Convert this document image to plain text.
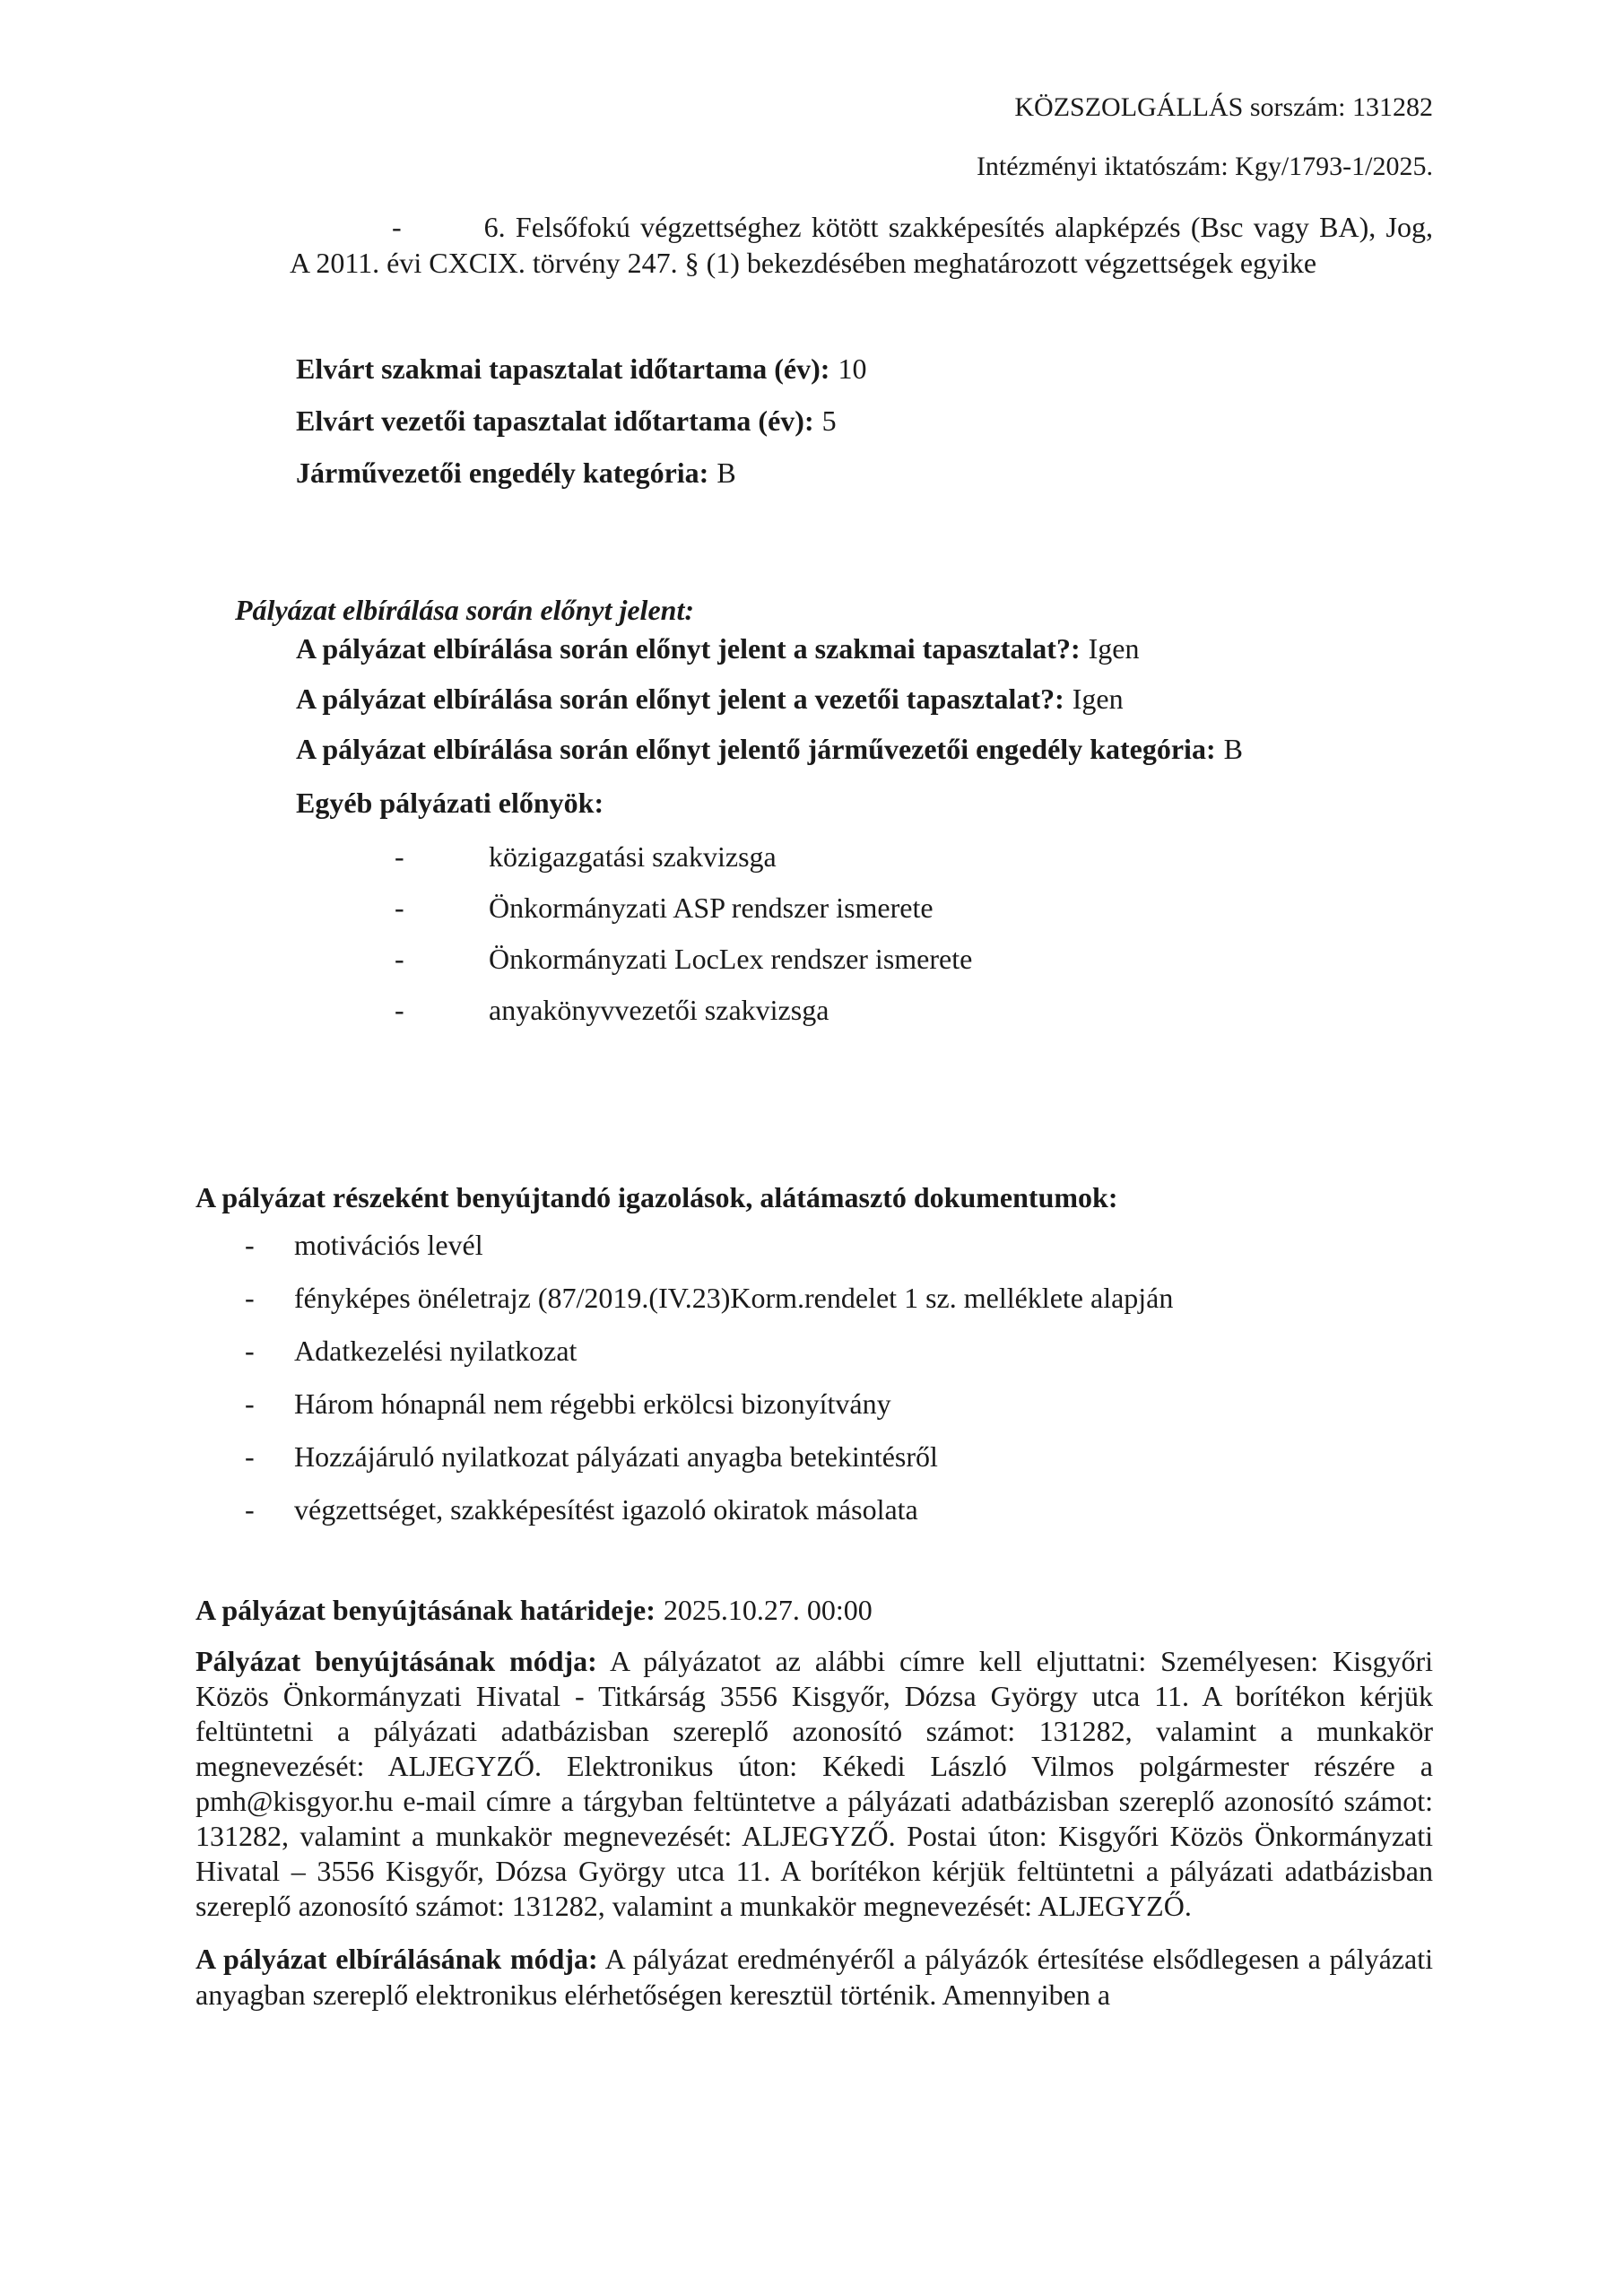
KÖZSZOLGÁLLÁS sorszám: 131282
Intézményi iktatószám: Kgy/1793-1/2025.

-	6. Felsőfokú végzettséghez kötött szakképesítés alapképzés (Bsc vagy BA), Jog, A 2011. évi CXCIX. törvény 247. § (1) bekezdésében meghatározott végzettségek egyike

Elvárt szakmai tapasztalat időtartama (év): 10
Elvárt vezetői tapasztalat időtartama (év): 5
Járművezetői engedély kategória: B
Pályázat elbírálása során előnyt jelent:
A pályázat elbírálása során előnyt jelent a szakmai tapasztalat?: Igen
A pályázat elbírálása során előnyt jelent a vezetői tapasztalat?: Igen
A pályázat elbírálása során előnyt jelentő járművezetői engedély kategória: B
Egyéb pályázati előnyök:
-	közigazgatási szakvizsga
-	Önkormányzati ASP rendszer ismerete
-	Önkormányzati LocLex rendszer ismerete
-	anyakönyvvezetői szakvizsga
A pályázat részeként benyújtandó igazolások, alátámasztó dokumentumok:
- motivációs levél
- fényképes önéletrajz (87/2019.(IV.23)Korm.rendelet 1 sz. melléklete alapján
- Adatkezelési nyilatkozat
- Három hónapnál nem régebbi erkölcsi bizonyítvány
- Hozzájáruló nyilatkozat pályázati anyagba betekintésről
- végzettséget, szakképesítést igazoló okiratok másolata
A pályázat benyújtásának határideje: 2025.10.27. 00:00

Pályázat benyújtásának módja: A pályázatot az alábbi címre kell eljuttatni: Személyesen: Kisgyőri Közös Önkormányzati Hivatal - Titkárság 3556 Kisgyőr, Dózsa György utca 11. A borítékon kérjük feltüntetni a pályázati adatbázisban szereplő azonosító számot: 131282, valamint a munkakör megnevezését: ALJEGYZŐ. Elektronikus úton: Kékedi László Vilmos polgármester részére a pmh@kisgyor.hu e-mail címre a tárgyban feltüntetve a pályázati adatbázisban szereplő azonosító számot: 131282, valamint a munkakör megnevezését: ALJEGYZŐ. Postai úton: Kisgyőri Közös Önkormányzati Hivatal – 3556 Kisgyőr, Dózsa György utca 11. A borítékon kérjük feltüntetni a pályázati adatbázisban szereplő azonosító számot: 131282, valamint a munkakör megnevezését: ALJEGYZŐ.

A pályázat elbírálásának módja: A pályázat eredményéről a pályázók értesítése elsődlegesen a pályázati anyagban szereplő elektronikus elérhetőségen keresztül történik. Amennyiben a
